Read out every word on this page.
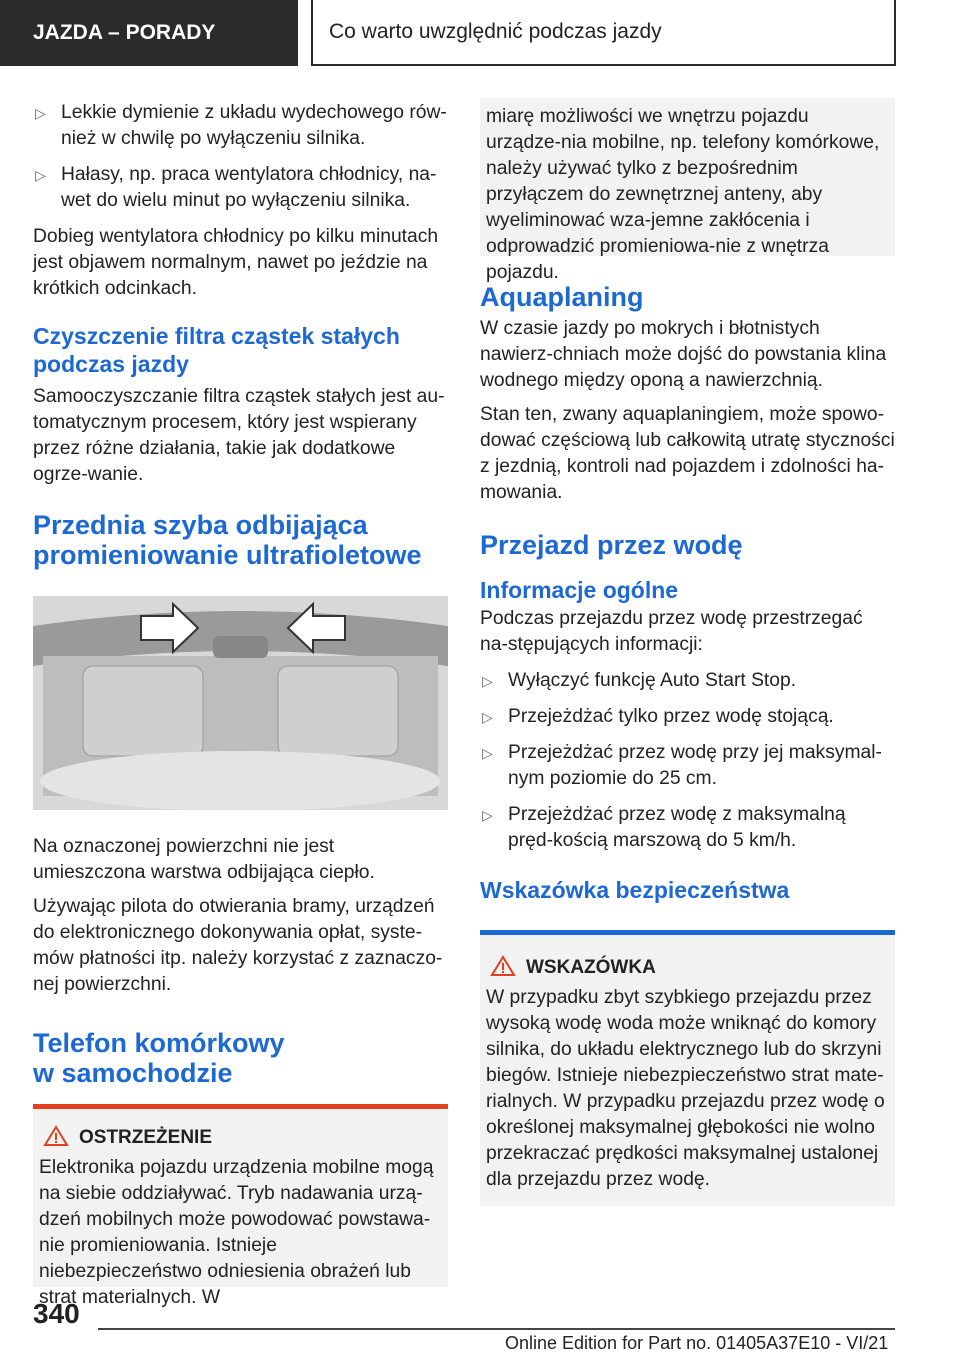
JAZDA – PORADY	Co warto uwzględnić podczas jazdy
▷ Lekkie dymienie z układu wydechowego rów-
nież w chwilę po wyłączeniu silnika.
▷ Hałasy, np. praca wentylatora chłodnicy, na-
wet do wielu minut po wyłączeniu silnika.

Dobieg wentylatora chłodnicy po kilku minutach jest objawem normalnym, nawet po jeździe na krótkich odcinkach.

Czyszczenie filtra cząstek stałych podczas jazdy

Samooczyszczanie filtra cząstek stałych jest au-tomatycznym procesem, który jest wspierany przez różne działania, takie jak dodatkowe ogrze-wanie.

Przednia szyba odbijająca promieniowanie ultrafioletowe

Na oznaczonej powierzchni nie jest umieszczona warstwa odbijająca ciepło.

Używając pilota do otwierania bramy, urządzeń do elektronicznego dokonywania opłat, syste-mów płatności itp. należy korzystać z zaznaczo-nej powierzchni.

Telefon komórkowy w samochodzie
OSTRZEŻENIE

Elektronika pojazdu urządzenia mobilne mogą na siebie oddziaływać. Tryb nadawania urzą-dzeń mobilnych może powodować powstawa-nie promieniowania. Istnieje niebezpieczeństwo odniesienia obrażeń lub strat materialnych. W

miarę możliwości we wnętrzu pojazdu urządze-nia mobilne, np. telefony komórkowe, należy używać tylko z bezpośrednim przyłączem do zewnętrznej anteny, aby wyeliminować wza-jemne zakłócenia i odprowadzić promieniowa-nie z wnętrza pojazdu.

Aquaplaning

W czasie jazdy po mokrych i błotnistych nawierz-chniach może dojść do powstania klina wodnego między oponą a nawierzchnią.

Stan ten, zwany aquaplaningiem, może spowo-dować częściową lub całkowitą utratę styczności z jezdnią, kontroli nad pojazdem i zdolności ha-mowania.

Przejazd przez wodę
Informacje ogólne

Podczas przejazdu przez wodę przestrzegać na-stępujących informacji:

▷ Wyłączyć funkcję Auto Start Stop.
▷ Przejeżdżać tylko przez wodę stojącą.
▷ Przejeżdżać przez wodę przy jej maksymal-nym poziomie do 25 cm.
▷ Przejeżdżać przez wodę z maksymalną pręd-kością marszową do 5 km/h.
Wskazówka bezpieczeństwa
WSKAZÓWKA

W przypadku zbyt szybkiego przejazdu przez wysoką wodę woda może wniknąć do komory silnika, do układu elektrycznego lub do skrzyni biegów. Istnieje niebezpieczeństwo strat mate-rialnych. W przypadku przejazdu przez wodę o określonej maksymalnej głębokości nie wolno przekraczać prędkości maksymalnej ustalonej dla przejazdu przez wodę.

340
Online Edition for Part no. 01405A37E10 - VI/21
